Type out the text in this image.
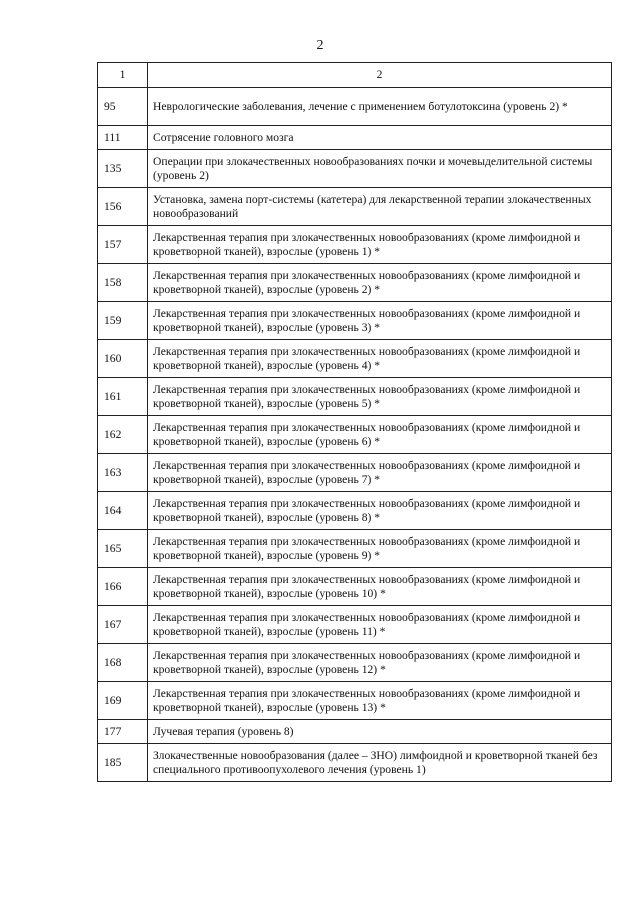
2
1	2
95	Неврологические заболевания, лечение с применением ботулотоксина (уровень 2) *
111	Сотрясение головного мозга
135	Операции при злокачественных новообразованиях почки и мочевыделительной системы (уровень 2)
156	Установка, замена порт-системы (катетера) для лекарственной терапии злокачественных новообразований
157	Лекарственная терапия при злокачественных новообразованиях (кроме лимфоидной и кроветворной тканей), взрослые (уровень 1) *
158	Лекарственная терапия при злокачественных новообразованиях (кроме лимфоидной и кроветворной тканей), взрослые (уровень 2) *
159	Лекарственная терапия при злокачественных новообразованиях (кроме лимфоидной и кроветворной тканей), взрослые (уровень 3) *
160	Лекарственная терапия при злокачественных новообразованиях (кроме лимфоидной и кроветворной тканей), взрослые (уровень 4) *
161	Лекарственная терапия при злокачественных новообразованиях (кроме лимфоидной и кроветворной тканей), взрослые (уровень 5) *
162	Лекарственная терапия при злокачественных новообразованиях (кроме лимфоидной и кроветворной тканей), взрослые (уровень 6) *
163	Лекарственная терапия при злокачественных новообразованиях (кроме лимфоидной и кроветворной тканей), взрослые (уровень 7) *
164	Лекарственная терапия при злокачественных новообразованиях (кроме лимфоидной и кроветворной тканей), взрослые (уровень 8) *
165	Лекарственная терапия при злокачественных новообразованиях (кроме лимфоидной и кроветворной тканей), взрослые (уровень 9) *
166	Лекарственная терапия при злокачественных новообразованиях (кроме лимфоидной и кроветворной тканей), взрослые (уровень 10) *
167	Лекарственная терапия при злокачественных новообразованиях (кроме лимфоидной и кроветворной тканей), взрослые (уровень 11) *
168	Лекарственная терапия при злокачественных новообразованиях (кроме лимфоидной и кроветворной тканей), взрослые (уровень 12) *
169	Лекарственная терапия при злокачественных новообразованиях (кроме лимфоидной и кроветворной тканей), взрослые (уровень 13) *
177	Лучевая терапия (уровень 8)
185	Злокачественные новообразования (далее – ЗНО) лимфоидной и кроветворной тканей без специального противоопухолевого лечения (уровень 1)
